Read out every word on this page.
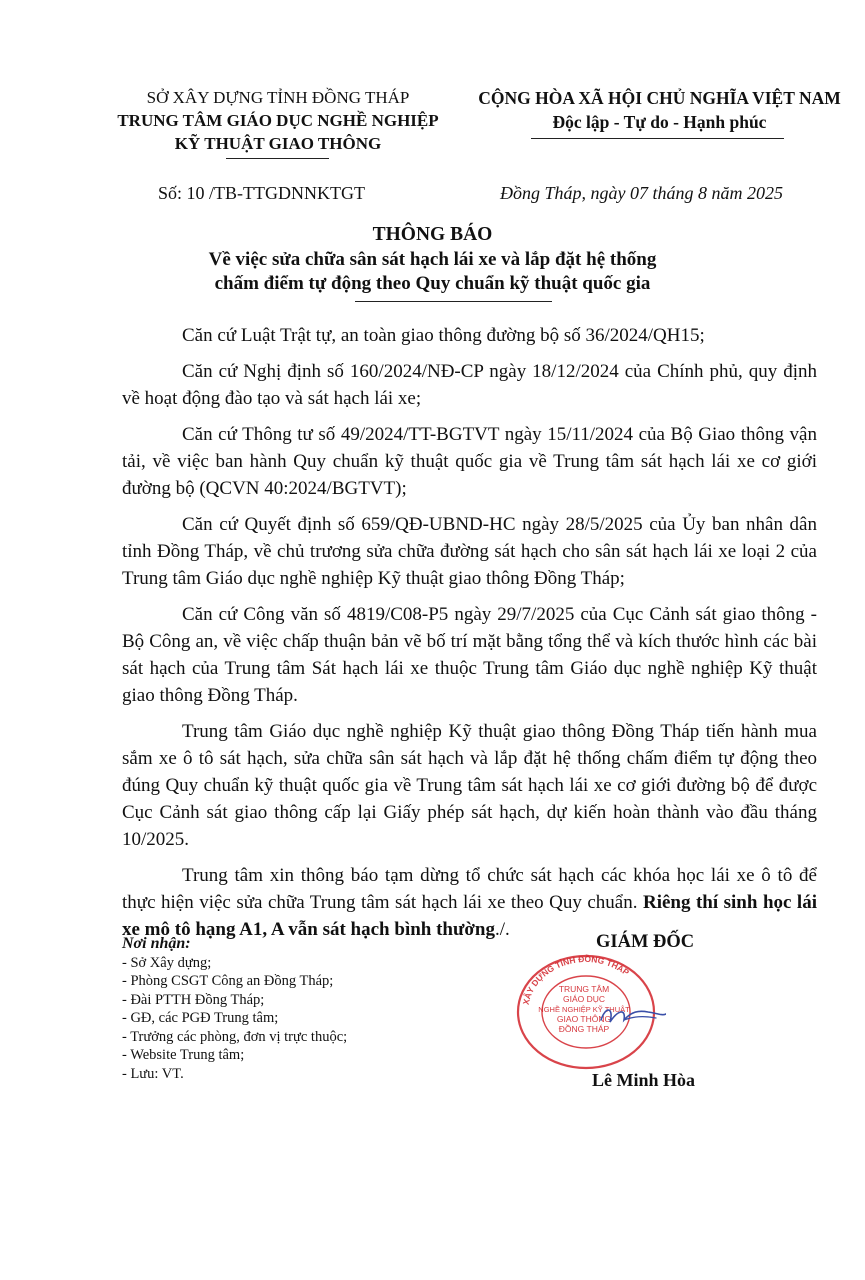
SỞ XÂY DỰNG TỈNH ĐỒNG THÁP
TRUNG TÂM GIÁO DỤC NGHỀ NGHIỆP
KỸ THUẬT GIAO THÔNG
CỘNG HÒA XÃ HỘI CHỦ NGHĨA VIỆT NAM
Độc lập - Tự do - Hạnh phúc
Số: 10 /TB-TTGDNNKTGT	Đồng Tháp, ngày 07 tháng 8 năm 2025
THÔNG BÁO
Về việc sửa chữa sân sát hạch lái xe và lắp đặt hệ thống
chấm điểm tự động theo Quy chuẩn kỹ thuật quốc gia

Căn cứ Luật Trật tự, an toàn giao thông đường bộ số 36/2024/QH15;

Căn cứ Nghị định số 160/2024/NĐ-CP ngày 18/12/2024 của Chính phủ, quy định về hoạt động đào tạo và sát hạch lái xe;

Căn cứ Thông tư số 49/2024/TT-BGTVT ngày 15/11/2024 của Bộ Giao thông vận tải, về việc ban hành Quy chuẩn kỹ thuật quốc gia về Trung tâm sát hạch lái xe cơ giới đường bộ (QCVN 40:2024/BGTVT);

Căn cứ Quyết định số 659/QĐ-UBND-HC ngày 28/5/2025 của Ủy ban nhân dân tỉnh Đồng Tháp, về chủ trương sửa chữa đường sát hạch cho sân sát hạch lái xe loại 2 của Trung tâm Giáo dục nghề nghiệp Kỹ thuật giao thông Đồng Tháp;

Căn cứ Công văn số 4819/C08-P5 ngày 29/7/2025 của Cục Cảnh sát giao thông - Bộ Công an, về việc chấp thuận bản vẽ bố trí mặt bằng tổng thể và kích thước hình các bài sát hạch của Trung tâm Sát hạch lái xe thuộc Trung tâm Giáo dục nghề nghiệp Kỹ thuật giao thông Đồng Tháp.

Trung tâm Giáo dục nghề nghiệp Kỹ thuật giao thông Đồng Tháp tiến hành mua sắm xe ô tô sát hạch, sửa chữa sân sát hạch và lắp đặt hệ thống chấm điểm tự động theo đúng Quy chuẩn kỹ thuật quốc gia về Trung tâm sát hạch lái xe cơ giới đường bộ để được Cục Cảnh sát giao thông cấp lại Giấy phép sát hạch, dự kiến hoàn thành vào đầu tháng 10/2025.

Trung tâm xin thông báo tạm dừng tổ chức sát hạch các khóa học lái xe ô tô để thực hiện việc sửa chữa Trung tâm sát hạch lái xe theo Quy chuẩn. Riêng thí sinh học lái xe mô tô hạng A1, A vẫn sát hạch bình thường./.

Nơi nhận:
- Sở Xây dựng;
- Phòng CSGT Công an Đồng Tháp;
- Đài PTTH Đồng Tháp;
- GĐ, các PGĐ Trung tâm;
- Trưởng các phòng, đơn vị trực thuộc;
- Website Trung tâm;
- Lưu: VT.
GIÁM ĐỐC
XÂY DỰNG TỈNH ĐỒNG THÁP
TRUNG TÂM
GIÁO DỤC
NGHỀ NGHIỆP KỸ THUẬT
GIAO THÔNG
ĐỒNG THÁP
Lê Minh Hòa
